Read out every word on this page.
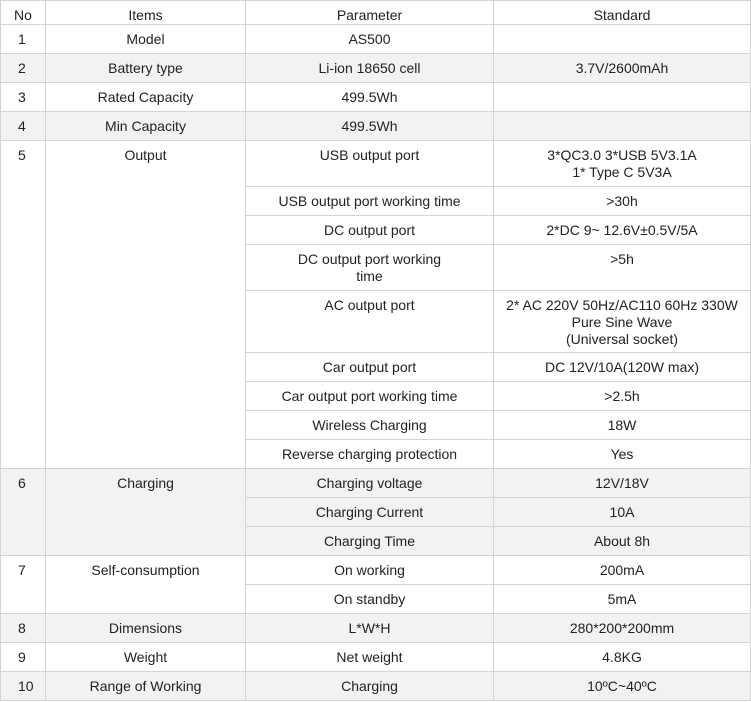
No	Items	Parameter	Standard
1	Model	AS500	
2	Battery type	Li-ion 18650 cell	3.7V/2600mAh
3	Rated Capacity	499.5Wh	
4	Min Capacity	499.5Wh	
5	Output	USB output port	3*QC3.0 3*USB 5V3.1A
1* Type C 5V3A
		USB output port working time	>30h
		DC output port	2*DC 9~ 12.6V±0.5V/5A
		DC output port working
time	>5h
		AC output port	2* AC 220V 50Hz/AC110 60Hz 330W
Pure Sine Wave
(Universal socket)
		Car output port	DC 12V/10A(120W max)
		Car output port working time	>2.5h
		Wireless Charging	18W
		Reverse charging protection	Yes
6	Charging	Charging voltage	12V/18V
		Charging Current	10A
		Charging Time	About 8h
7	Self-consumption	On working	200mA
		On standby	5mA
8	Dimensions	L*W*H	280*200*200mm
9	Weight	Net weight	4.8KG
10	Range of Working	Charging	10ºC~40ºC
